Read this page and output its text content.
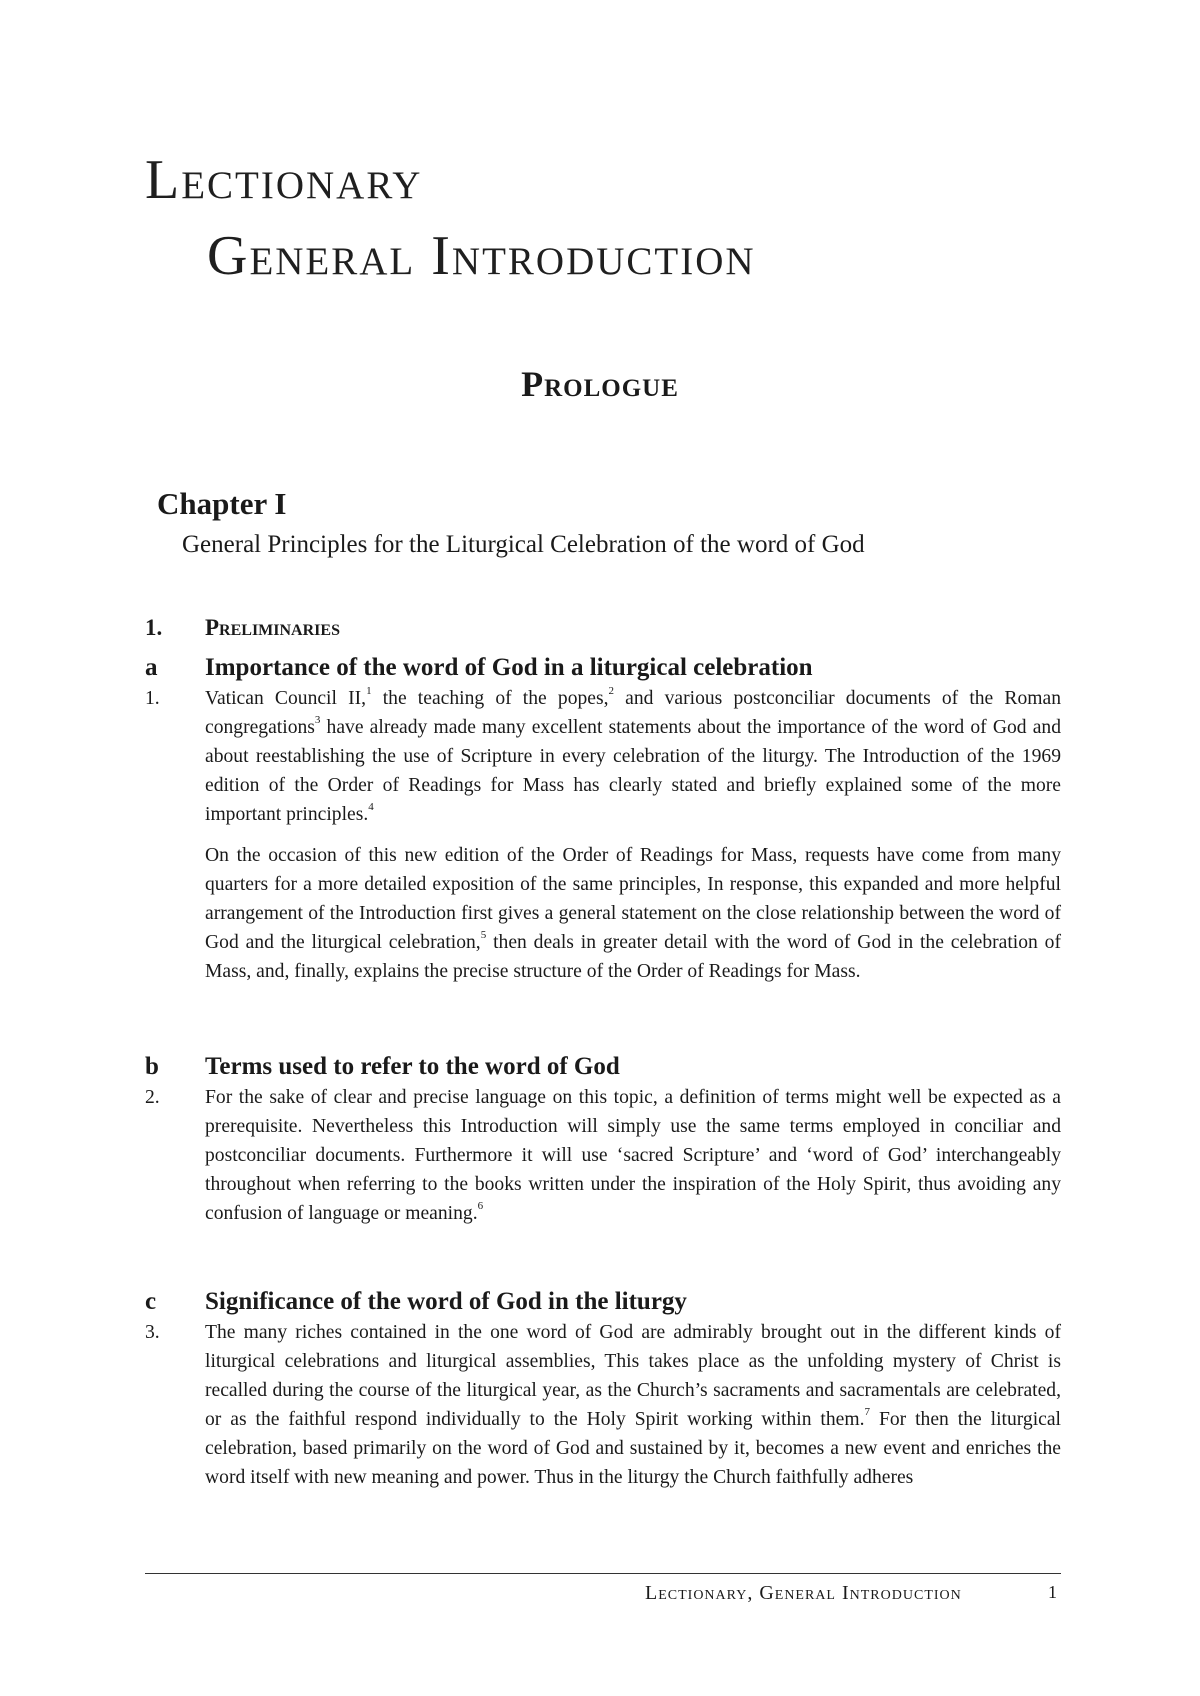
Lectionary
General Introduction
Prologue
Chapter I
General Principles for the Liturgical Celebration of the word of God
1. Preliminaries
a Importance of the word of God in a liturgical celebration
1. Vatican Council II,$^1$ the teaching of the popes,$^2$ and various postconciliar documents of the Roman congregations$^3$ have already made many excellent statements about the importance of the word of God and about reestablishing the use of Scripture in every celebration of the liturgy. The Introduction of the 1969 edition of the Order of Readings for Mass has clearly stated and briefly explained some of the more important principles.$^4$

On the occasion of this new edition of the Order of Readings for Mass, requests have come from many quarters for a more detailed exposition of the same principles, In response, this expanded and more helpful arrangement of the Introduction first gives a general statement on the close relationship between the word of God and the liturgical celebration,$^5$ then deals in greater detail with the word of God in the celebration of Mass, and, finally, explains the precise structure of the Order of Readings for Mass.

b Terms used to refer to the word of God
2. For the sake of clear and precise language on this topic, a definition of terms might well be expected as a prerequisite. Nevertheless this Introduction will simply use the same terms employed in conciliar and postconciliar documents. Furthermore it will use ‘sacred Scripture’ and ‘word of God’ interchangeably throughout when referring to the books written under the inspiration of the Holy Spirit, thus avoiding any confusion of language or meaning.$^6$

c Significance of the word of God in the liturgy
3. The many riches contained in the one word of God are admirably brought out in the different kinds of liturgical celebrations and liturgical assemblies, This takes place as the unfolding mystery of Christ is recalled during the course of the liturgical year, as the Church’s sacraments and sacramentals are celebrated, or as the faithful respond individually to the Holy Spirit working within them.$^7$ For then the liturgical celebration, based primarily on the word of God and sustained by it, becomes a new event and enriches the word itself with new meaning and power. Thus in the liturgy the Church faithfully adheres

Lectionary, General Introduction	1
